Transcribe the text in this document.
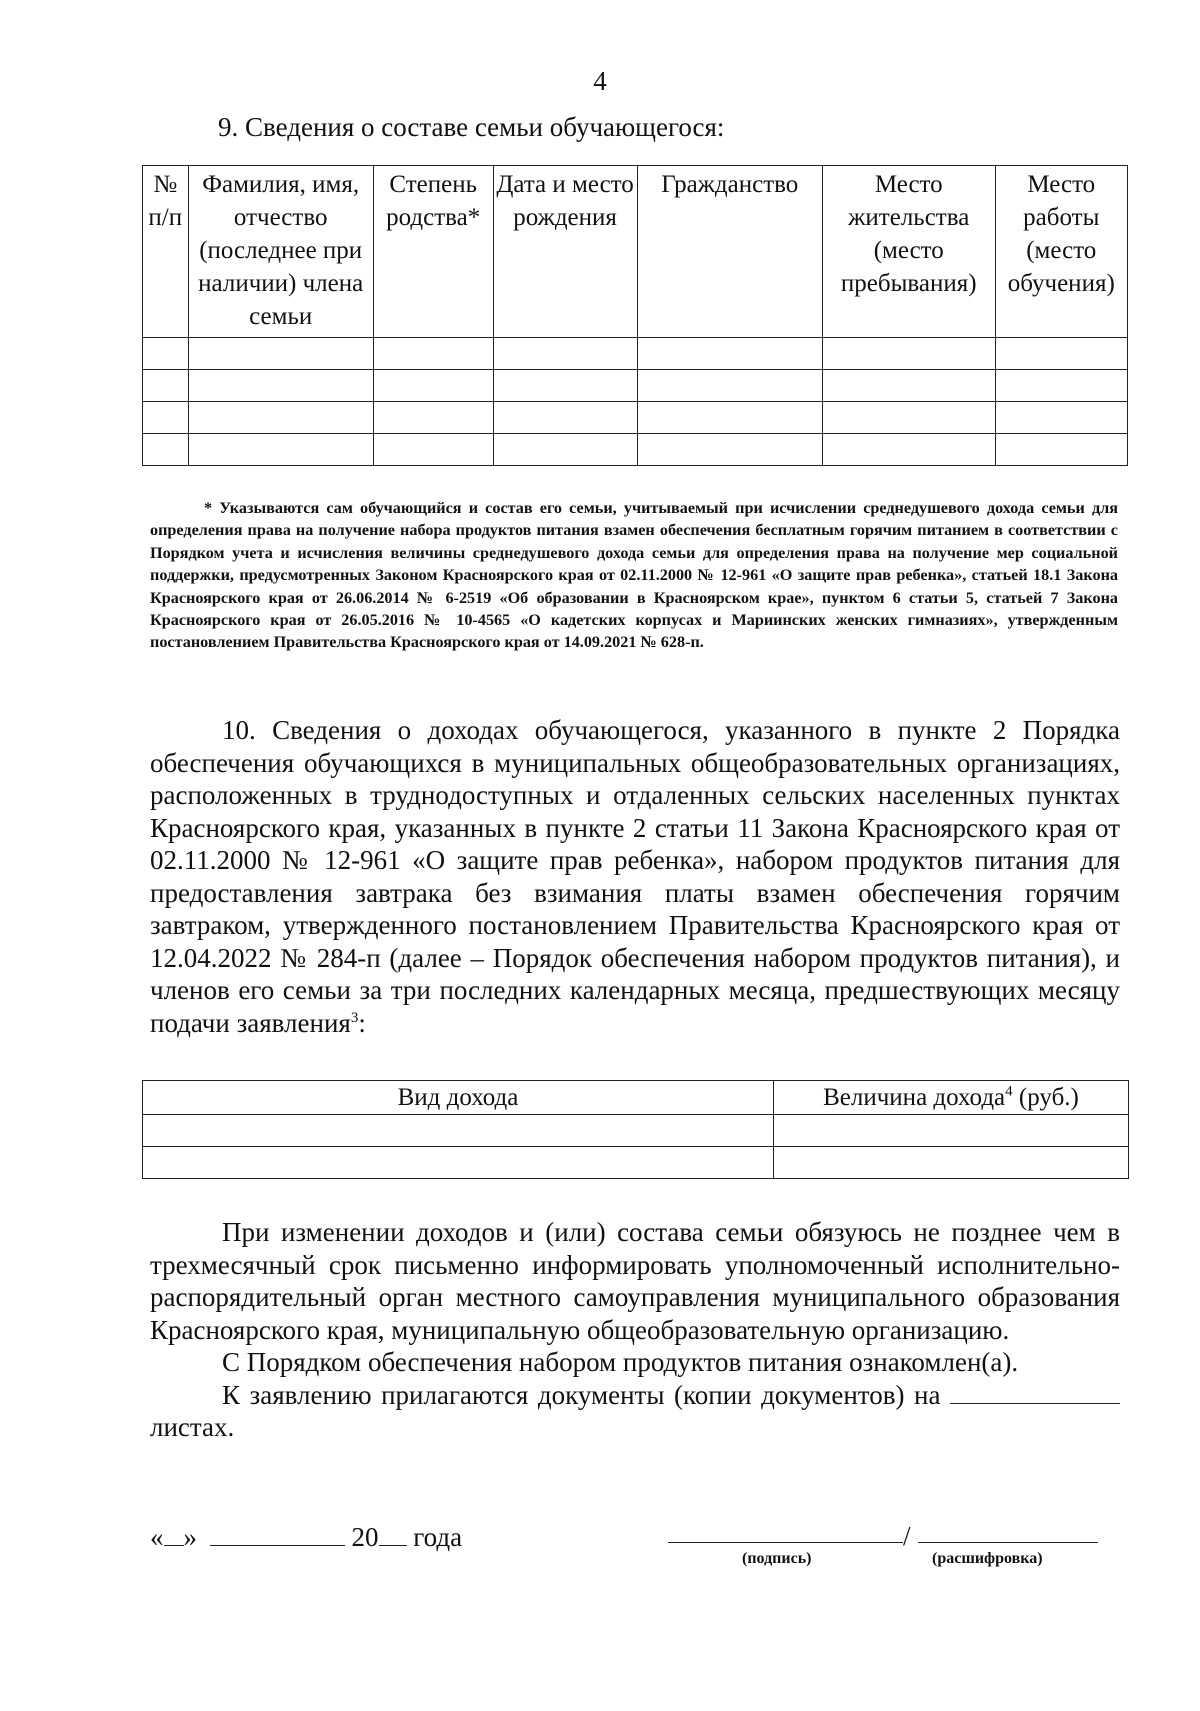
4
9. Сведения о составе семьи обучающегося:
№ п/п	Фамилия, имя, отчество (последнее при наличии) члена семьи	Степень родства*	Дата и место рождения	Гражданство	Место жительства (место пребывания)	Место работы (место обучения)

* Указываются сам обучающийся и состав его семьи, учитываемый при исчислении среднедушевого дохода семьи для определения права на получение набора продуктов питания взамен обеспечения бесплатным горячим питанием в соответствии с Порядком учета и исчисления величины среднедушевого дохода семьи для определения права на получение мер социальной поддержки, предусмотренных Законом Красноярского края от 02.11.2000 № 12-961 «О защите прав ребенка», статьей 18.1 Закона Красноярского края от 26.06.2014 № 6-2519 «Об образовании в Красноярском крае», пунктом 6 статьи 5, статьей 7 Закона Красноярского края от 26.05.2016 № 10-4565 «О кадетских корпусах и Мариинских женских гимназиях», утвержденным постановлением Правительства Красноярского края от 14.09.2021 № 628-п.

10. Сведения о доходах обучающегося, указанного в пункте 2 Порядка обеспечения обучающихся в муниципальных общеобразовательных организациях, расположенных в труднодоступных и отдаленных сельских населенных пунктах Красноярского края, указанных в пункте 2 статьи 11 Закона Красноярского края от 02.11.2000 № 12-961 «О защите прав ребенка», набором продуктов питания для предоставления завтрака без взимания платы взамен обеспечения горячим завтраком, утвержденного постановлением Правительства Красноярского края от 12.04.2022 № 284-п (далее – Порядок обеспечения набором продуктов питания), и членов его семьи за три последних календарных месяца, предшествующих месяцу подачи заявления$^3$:

Вид дохода	Величина дохода$^4$ (руб.)

При изменении доходов и (или) состава семьи обязуюсь не позднее чем в трехмесячный срок письменно информировать уполномоченный исполнительно-распорядительный орган местного самоуправления муниципального образования Красноярского края, муниципальную общеобразовательную организацию.

С Порядком обеспечения набором продуктов питания ознакомлен(а).

К заявлению прилагаются документы (копии документов) на  листах.

« »	20 года	/
(подпись)	(расшифровка)
